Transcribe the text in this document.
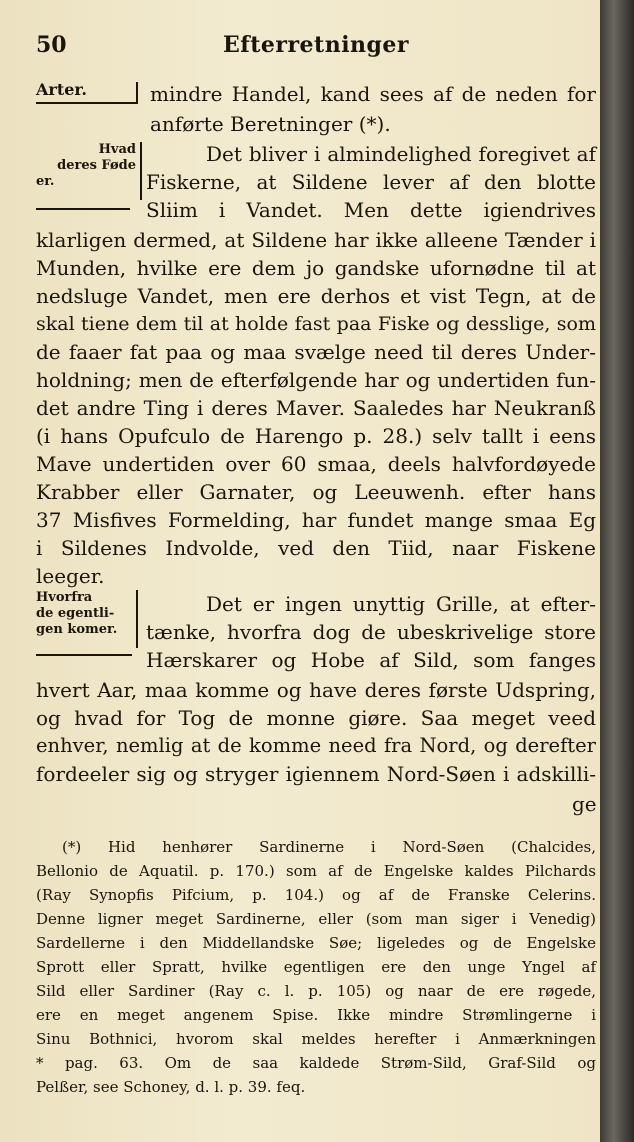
50	Efterretninger
Arter.
Hvad
deres Føde
er.
Hvorfra
de egentli-
gen komer.
mindre Handel, kand sees af de neden for
anførte Beretninger (*).
Det bliver i almindelighed foregivet af
Fiskerne, at Sildene lever af den blotte
Sliim i Vandet. Men dette igiendrives
klarligen dermed, at Sildene har ikke alleene Tænder i
Munden, hvilke ere dem jo gandske ufornødne til at
nedsluge Vandet, men ere derhos et vist Tegn, at de
skal tiene dem til at holde fast paa Fiske og desslige, som
de faaer fat paa og maa svælge need til deres Under-
holdning; men de efterfølgende har og undertiden fun-
det andre Ting i deres Maver. Saaledes har Neukranß
(i hans Opufculo de Harengo p. 28.) selv tallt i eens
Mave undertiden over 60 smaa, deels halvfordøyede
Krabber eller Garnater, og Leeuwenh. efter hans
37 Misfives Formelding, har fundet mange smaa Eg
i Sildenes Indvolde, ved den Tiid, naar Fiskene
leeger.
Det er ingen unyttig Grille, at efter-
tænke, hvorfra dog de ubeskrivelige store
Hærskarer og Hobe af Sild, som fanges
hvert Aar, maa komme og have deres første Udspring,
og hvad for Tog de monne giøre. Saa meget veed
enhver, nemlig at de komme need fra Nord, og derefter
fordeeler sig og stryger igiennem Nord-Søen i adskilli-
ge
(*) Hid henhører Sardinerne i Nord-Søen (Chalcides,
Bellonio de Aquatil. p. 170.) som af de Engelske kaldes Pilchards
(Ray Synopfis Pifcium, p. 104.) og af de Franske Celerins.
Denne ligner meget Sardinerne, eller (som man siger i Venedig)
Sardellerne i den Middellandske Søe; ligeledes og de Engelske
Sprott eller Spratt, hvilke egentligen ere den unge Yngel af
Sild eller Sardiner (Ray c. l. p. 105) og naar de ere røgede,
ere en meget angenem Spise. Ikke mindre Strømlingerne i
Sinu Bothnici, hvorom skal meldes herefter i Anmærkningen
* pag. 63. Om de saa kaldede Strøm-Sild, Graf-Sild og
Pelßer, see Schoney, d. l. p. 39. feq.
